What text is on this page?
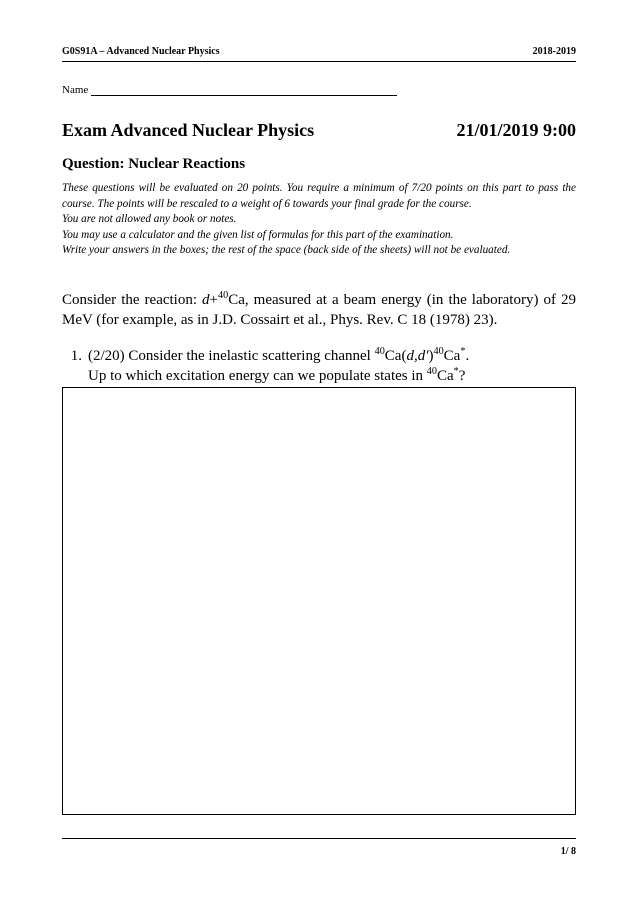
G0S91A – Advanced Nuclear Physics	2018-2019
Name
Exam Advanced Nuclear Physics	21/01/2019 9:00
Question: Nuclear Reactions

These questions will be evaluated on 20 points. You require a minimum of 7/20 points on this part to pass the course. The points will be rescaled to a weight of 6 towards your final grade for the course.

You are not allowed any book or notes.

You may use a calculator and the given list of formulas for this part of the examination.

Write your answers in the boxes; the rest of the space (back side of the sheets) will not be evaluated.

Consider the reaction: d+$^{40}$Ca, measured at a beam energy (in the laboratory) of 29 MeV (for example, as in J.D. Cossairt et al., Phys. Rev. C 18 (1978) 23).
1. (2/20) Consider the inelastic scattering channel $^{40}Ca(d,d')^{40}Ca^*$.
Up to which excitation energy can we populate states in $^{40}$Ca*?
1/ 8
